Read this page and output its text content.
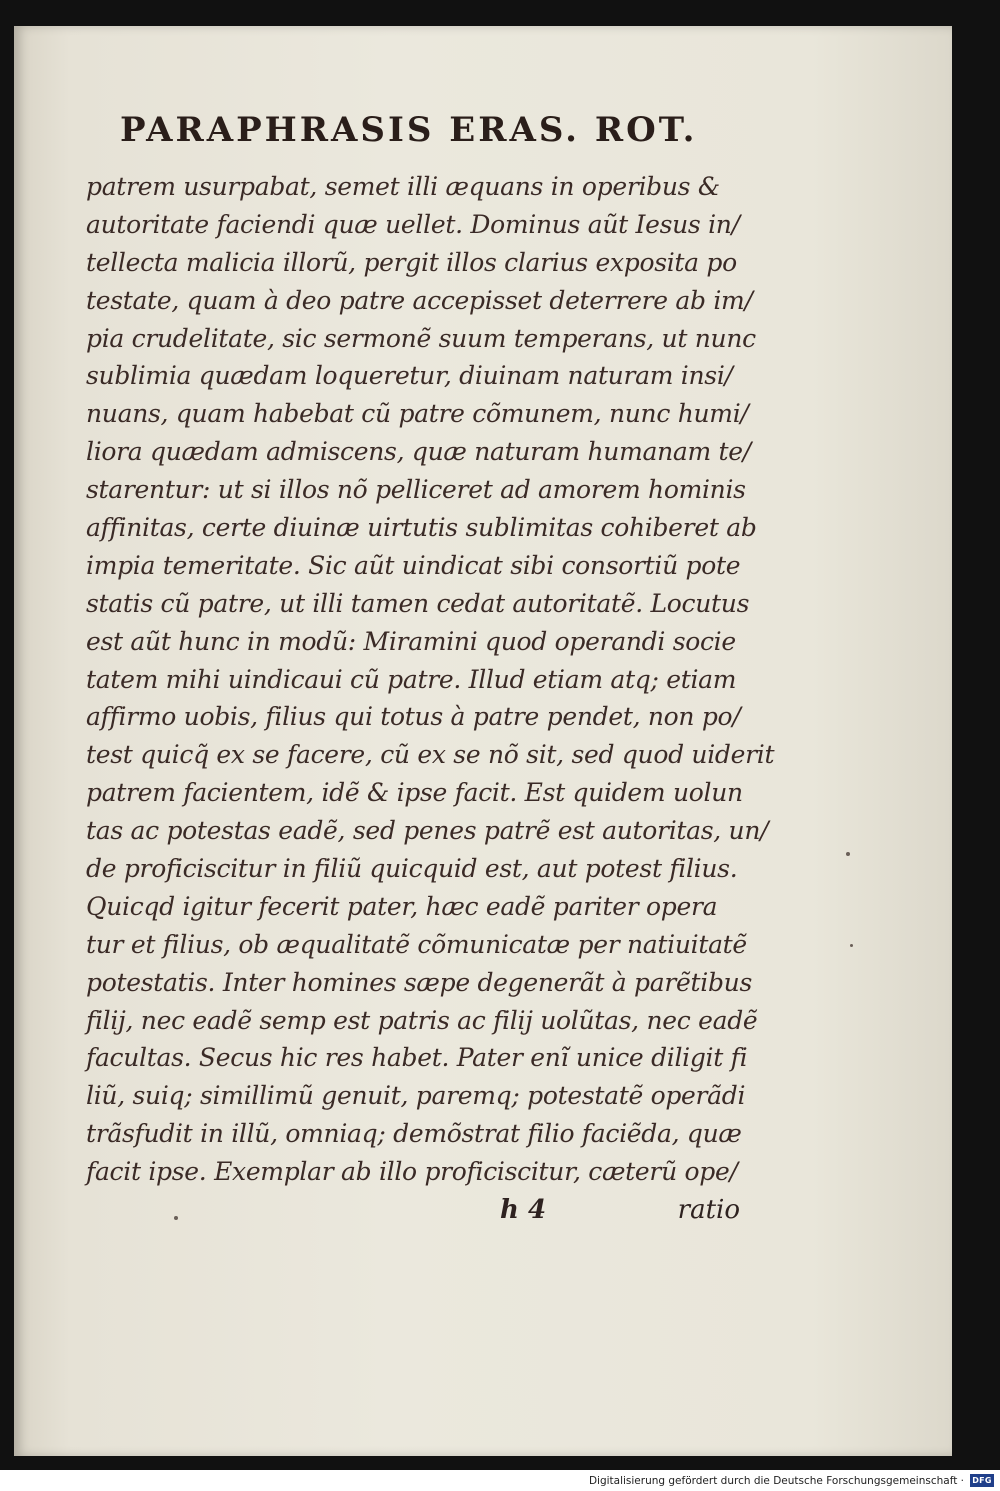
PARAPHRASIS ERAS. ROT.
patrem usurpabat, semet illi æquans in operibus &
autoritate faciendi quæ uellet. Dominus aũt Iesus in/
tellecta malicia illorũ, pergit illos clarius exposita po
testate, quam à deo patre accepisset deterrere ab im/
pia crudelitate, sic sermonẽ suum temperans, ut nunc
sublimia quædam loqueretur, diuinam naturam insi/
nuans, quam habebat cũ patre cõmunem, nunc humi/
liora quædam admiscens, quæ naturam humanam te/
starentur: ut si illos nõ pelliceret ad amorem hominis
affinitas, certe diuinæ uirtutis sublimitas cohiberet ab
impia temeritate. Sic aũt uindicat sibi consortiũ pote
statis cũ patre, ut illi tamen cedat autoritatẽ. Locutus
est aũt hunc in modũ: Miramini quod operandi socie
tatem mihi uindicaui cũ patre. Illud etiam atq; etiam
affirmo uobis, filius qui totus à patre pendet, non po/
test quicq̃ ex se facere, cũ ex se nõ sit, sed quod uiderit
patrem facientem, idẽ & ipse facit. Est quidem uolun
tas ac potestas eadẽ, sed penes patrẽ est autoritas, un/
de proficiscitur in filiũ quicquid est, aut potest filius.
Quicqd igitur fecerit pater, hæc eadẽ pariter opera
tur et filius, ob æqualitatẽ cõmunicatæ per natiuitatẽ
potestatis. Inter homines sæpe degenerãt à parẽtibus
filij, nec eadẽ semp est patris ac filij uolũtas, nec eadẽ
facultas. Secus hic res habet. Pater enĩ unice diligit fi
liũ, suiq; simillimũ genuit, paremq; potestatẽ operãdi
trãsfudit in illũ, omniaq; demõstrat filio faciẽda, quæ
facit ipse. Exemplar ab illo proficiscitur, cæterũ ope/
h 4	ratio
Digitalisierung gefördert durch die Deutsche Forschungsgemeinschaft · DFG
